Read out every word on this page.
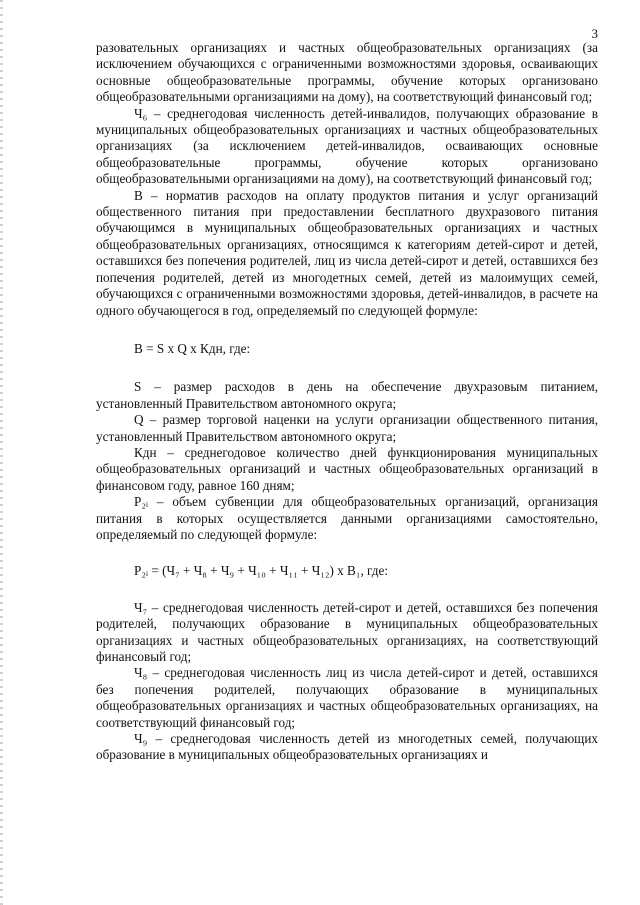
3

разовательных организациях и частных общеобразовательных организациях (за исключением обучающихся с ограниченными возможностями здоровья, осваивающих основные общеобразовательные программы, обучение которых организовано общеобразовательными организациями на дому), на соответствующий финансовый год;

Ч₆ – среднегодовая численность детей-инвалидов, получающих образование в муниципальных общеобразовательных организациях и частных общеобразовательных организациях (за исключением детей-инвалидов, осваивающих основные общеобразовательные программы, обучение которых организовано общеобразовательными организациями на дому), на соответствующий финансовый год;

В – норматив расходов на оплату продуктов питания и услуг организаций общественного питания при предоставлении бесплатного двухразового питания обучающимся в муниципальных общеобразовательных организациях и частных общеобразовательных организациях, относящимся к категориям детей-сирот и детей, оставшихся без попечения родителей, лиц из числа детей-сирот и детей, оставшихся без попечения родителей, детей из многодетных семей, детей из малоимущих семей, обучающихся с ограниченными возможностями здоровья, детей-инвалидов, в расчете на одного обучающегося в год, определяемый по следующей формуле:

В = S x Q x Кдн, где:

S – размер расходов в день на обеспечение двухразовым питанием, установленный Правительством автономного округа;

Q – размер торговой наценки на услуги организации общественного питания, установленный Правительством автономного округа;

Кдн – среднегодовое количество дней функционирования муниципальных общеобразовательных организаций и частных общеобразовательных организаций в финансовом году, равное 160 дням;

Р₂ᵢ – объем субвенции для общеобразовательных организаций, организация питания в которых осуществляется данными организациями самостоятельно, определяемый по следующей формуле:

Р₂ᵢ = (Ч₇ + Ч₈ + Ч₉ + Ч₁₀ + Ч₁₁ + Ч₁₂) x В₁, где:

Ч₇ – среднегодовая численность детей-сирот и детей, оставшихся без попечения родителей, получающих образование в муниципальных общеобразовательных организациях и частных общеобразовательных организациях, на соответствующий финансовый год;

Ч₈ – среднегодовая численность лиц из числа детей-сирот и детей, оставшихся без попечения родителей, получающих образование в муниципальных общеобразовательных организациях и частных общеобразовательных организациях, на соответствующий финансовый год;

Ч₉ – среднегодовая численность детей из многодетных семей, получающих образование в муниципальных общеобразовательных организациях и
